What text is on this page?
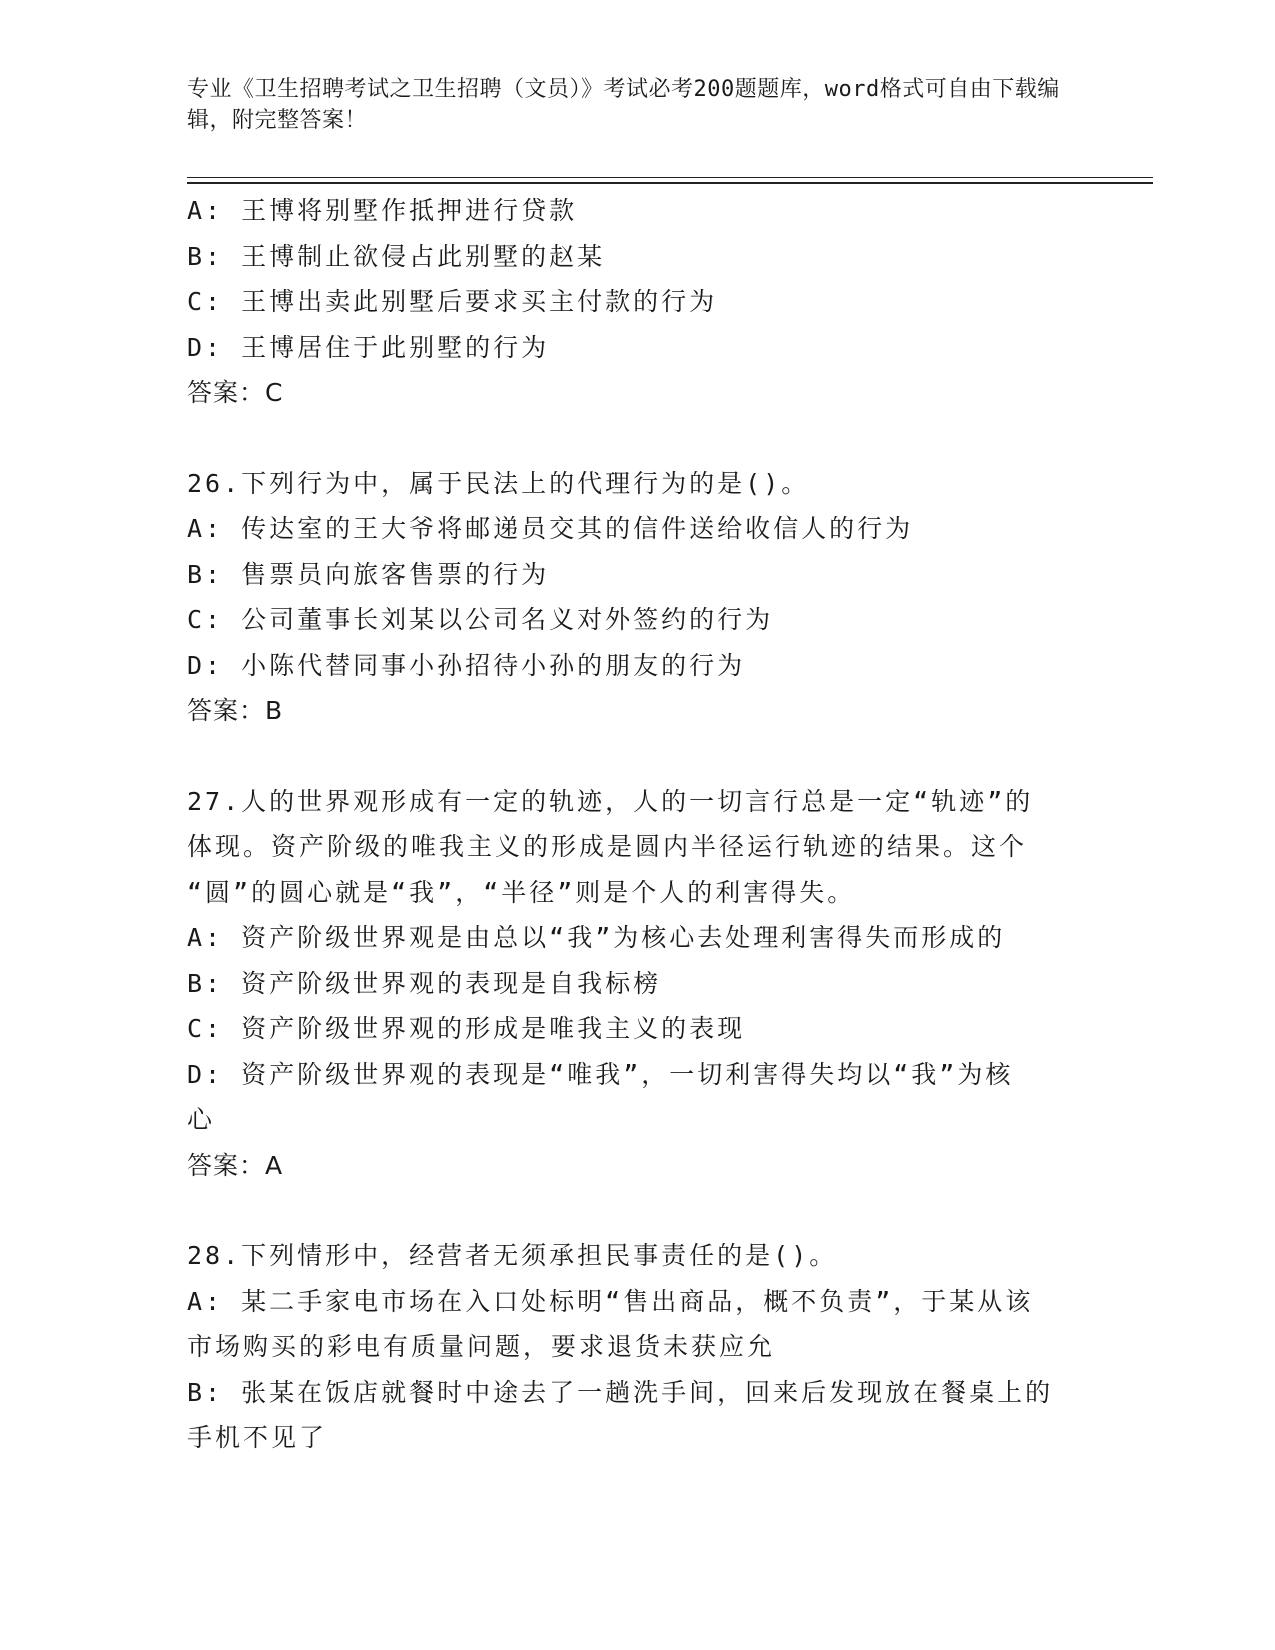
专业《卫生招聘考试之卫生招聘（文员）》考试必考200题题库，word格式可自由下载编辑，附完整答案！
A: 王博将别墅作抵押进行贷款
B: 王博制止欲侵占此别墅的赵某
C: 王博出卖此别墅后要求买主付款的行为
D: 王博居住于此别墅的行为
答案：C
26.下列行为中，属于民法上的代理行为的是()。
A: 传达室的王大爷将邮递员交其的信件送给收信人的行为
B: 售票员向旅客售票的行为
C: 公司董事长刘某以公司名义对外签约的行为
D: 小陈代替同事小孙招待小孙的朋友的行为
答案：B
27.人的世界观形成有一定的轨迹，人的一切言行总是一定“轨迹”的
体现。资产阶级的唯我主义的形成是圆内半径运行轨迹的结果。这个
“圆”的圆心就是“我”，“半径”则是个人的利害得失。
A: 资产阶级世界观是由总以“我”为核心去处理利害得失而形成的
B: 资产阶级世界观的表现是自我标榜
C: 资产阶级世界观的形成是唯我主义的表现
D: 资产阶级世界观的表现是“唯我”，一切利害得失均以“我”为核
心
答案：A
28.下列情形中，经营者无须承担民事责任的是()。
A: 某二手家电市场在入口处标明“售出商品，概不负责”，于某从该
市场购买的彩电有质量问题，要求退货未获应允
B: 张某在饭店就餐时中途去了一趟洗手间，回来后发现放在餐桌上的
手机不见了
